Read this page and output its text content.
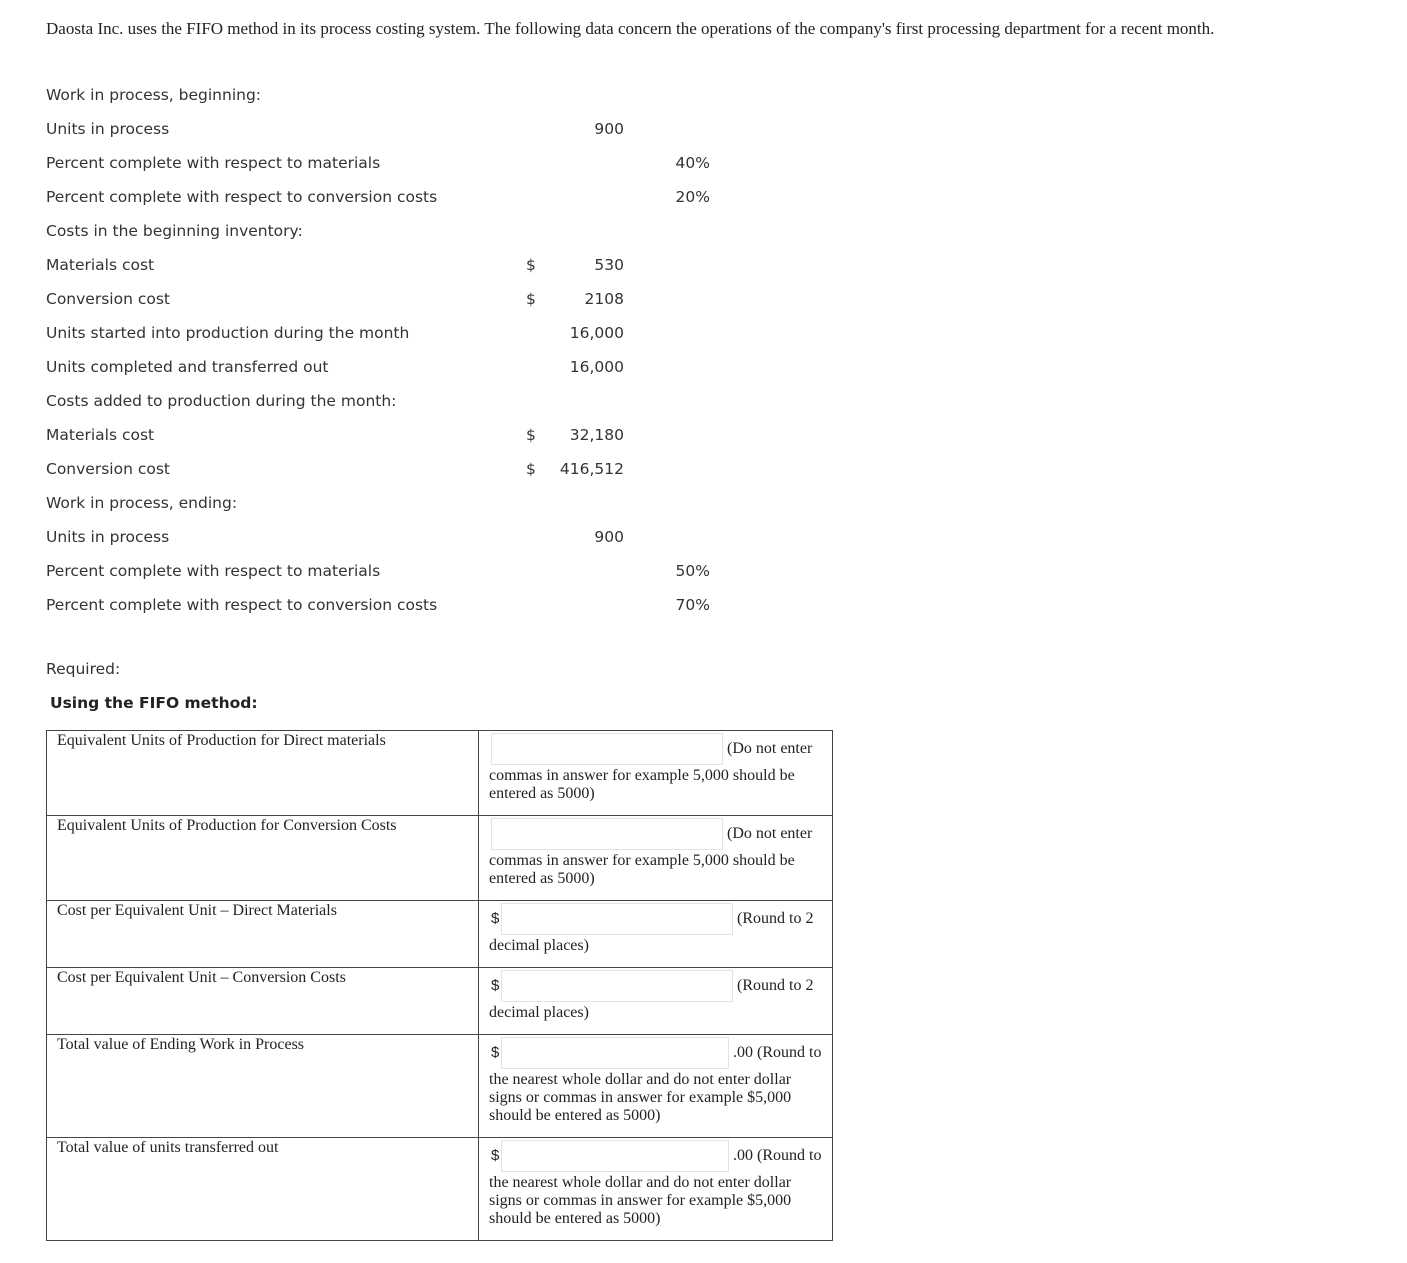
Daosta Inc. uses the FIFO method in its process costing system. The following data concern the operations of the company's first processing department for a recent month.

Work in process, beginning:			
Units in process		900	
Percent complete with respect to materials			40%
Percent complete with respect to conversion costs			20%
Costs in the beginning inventory:			
Materials cost	$	530	
Conversion cost	$	2108	
Units started into production during the month		16,000	
Units completed and transferred out		16,000	
Costs added to production during the month:			
Materials cost	$	32,180	
Conversion cost	$	416,512	
Work in process, ending:			
Units in process		900	
Percent complete with respect to materials			50%
Percent complete with respect to conversion costs			70%
Required:
Using the FIFO method:
Equivalent Units of Production for Direct materials	(Do not enter
commas in answer for example 5,000 should be entered as 5000)

Equivalent Units of Production for Conversion Costs	(Do not enter
commas in answer for example 5,000 should be entered as 5000)

Cost per Equivalent Unit – Direct Materials	$ (Round to 2
decimal places)

Cost per Equivalent Unit – Conversion Costs	$ (Round to 2
decimal places)

Total value of Ending Work in Process	$ .00 (Round to
the nearest whole dollar and do not enter dollar signs or commas in answer for example $5,000 should be entered as 5000)

Total value of units transferred out	$ .00 (Round to
the nearest whole dollar and do not enter dollar signs or commas in answer for example $5,000 should be entered as 5000)
